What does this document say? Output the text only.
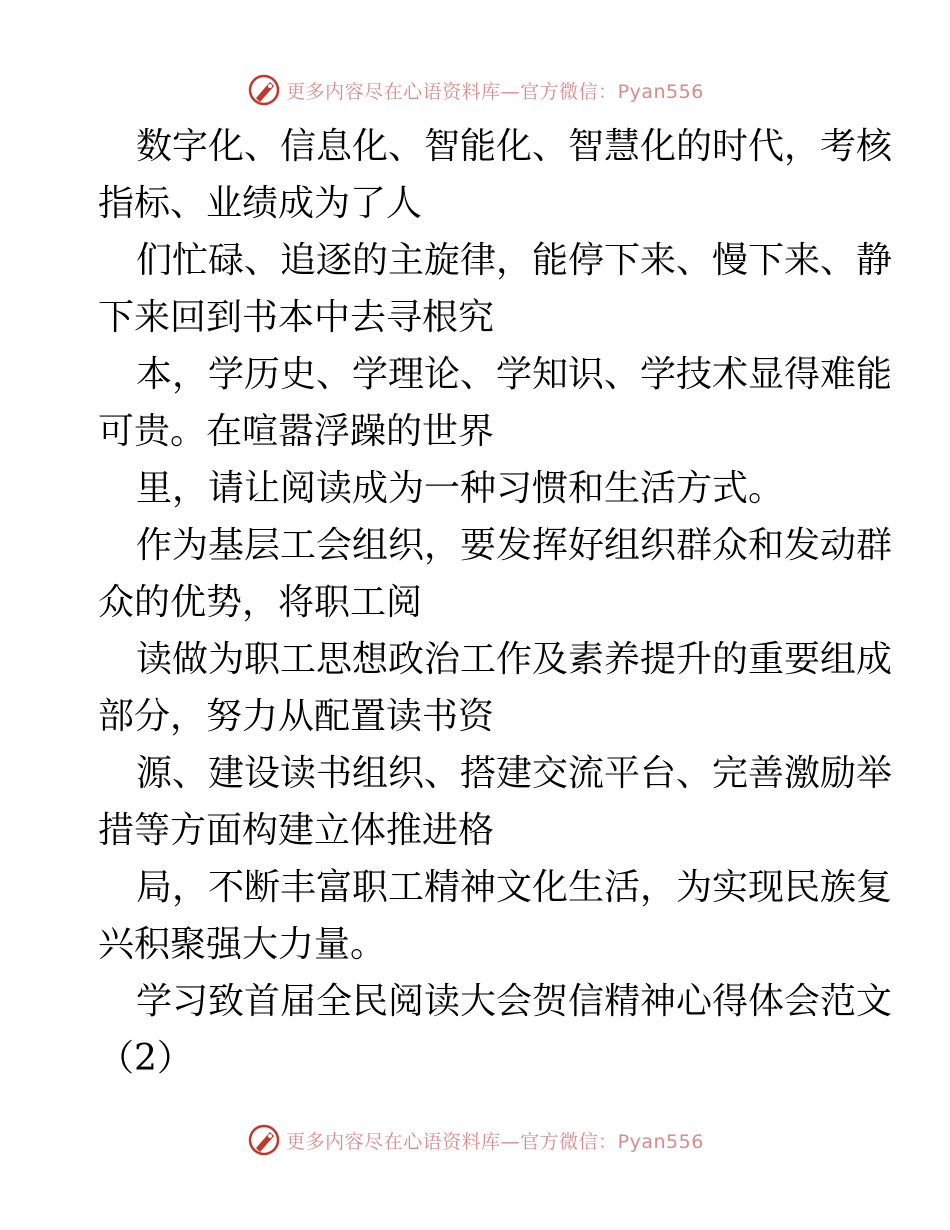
更多内容尽在心语资料库—官方微信：Pyan556

数字化、信息化、智能化、智慧化的时代，考核

指标、业绩成为了人

们忙碌、追逐的主旋律，能停下来、慢下来、静

下来回到书本中去寻根究

本，学历史、学理论、学知识、学技术显得难能

可贵。在喧嚣浮躁的世界

里，请让阅读成为一种习惯和生活方式。

作为基层工会组织，要发挥好组织群众和发动群

众的优势，将职工阅

读做为职工思想政治工作及素养提升的重要组成

部分，努力从配置读书资

源、建设读书组织、搭建交流平台、完善激励举

措等方面构建立体推进格

局，不断丰富职工精神文化生活，为实现民族复

兴积聚强大力量。

学习致首届全民阅读大会贺信精神心得体会范文

（2）

更多内容尽在心语资料库—官方微信：Pyan556
